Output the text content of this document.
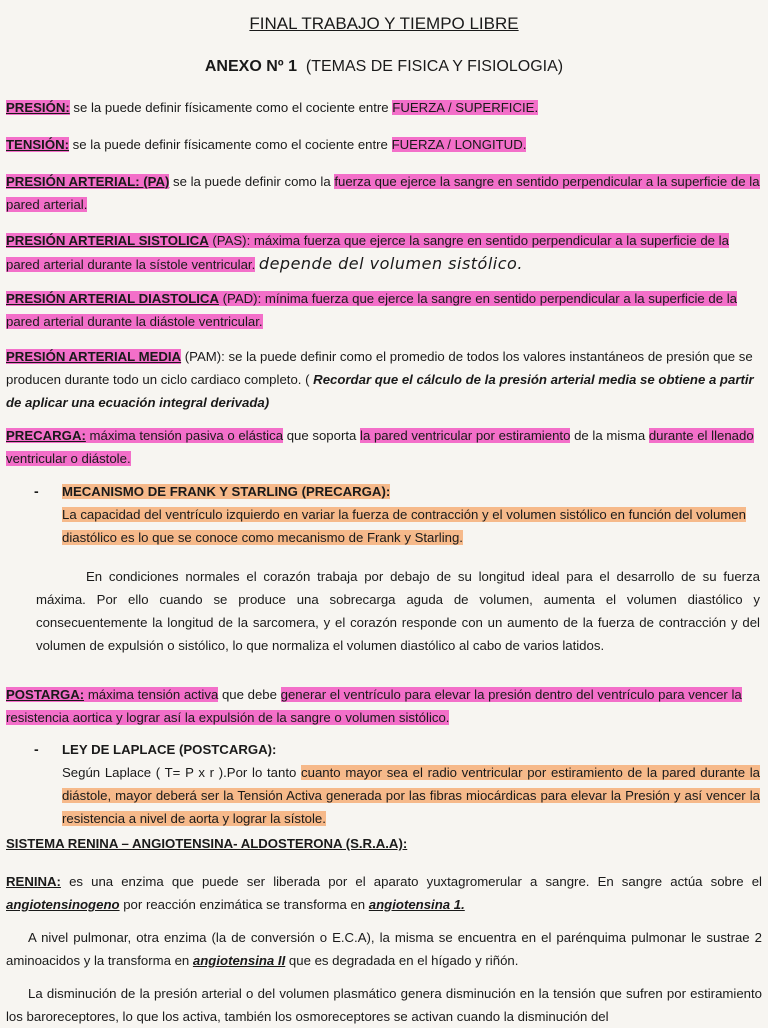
FINAL TRABAJO Y TIEMPO LIBRE
ANEXO Nº 1 (TEMAS DE FISICA Y FISIOLOGIA)
PRESIÓN: se la puede definir físicamente como el cociente entre FUERZA / SUPERFICIE.
TENSIÓN: se la puede definir físicamente como el cociente entre FUERZA / LONGITUD.
PRESIÓN ARTERIAL: (PA) se la puede definir como la fuerza que ejerce la sangre en sentido perpendicular a la superficie de la pared arterial.
PRESIÓN ARTERIAL SISTOLICA (PAS): máxima fuerza que ejerce la sangre en sentido perpendicular a la superficie de la pared arterial durante la sístole ventricular. depende del volumen sistólico.
PRESIÓN ARTERIAL DIASTOLICA (PAD): mínima fuerza que ejerce la sangre en sentido perpendicular a la superficie de la pared arterial durante la diástole ventricular.
PRESIÓN ARTERIAL MEDIA (PAM): se la puede definir como el promedio de todos los valores instantáneos de presión que se producen durante todo un ciclo cardiaco completo. ( Recordar que el cálculo de la presión arterial media se obtiene a partir de aplicar una ecuación integral derivada)
PRECARGA: máxima tensión pasiva o elástica que soporta la pared ventricular por estiramiento de la misma durante el llenado ventricular o diástole.
- MECANISMO DE FRANK Y STARLING (PRECARGA):
La capacidad del ventrículo izquierdo en variar la fuerza de contracción y el volumen sistólico en función del volumen diastólico es lo que se conoce como mecanismo de Frank y Starling.
En condiciones normales el corazón trabaja por debajo de su longitud ideal para el desarrollo de su fuerza máxima. Por ello cuando se produce una sobrecarga aguda de volumen, aumenta el volumen diastólico y consecuentemente la longitud de la sarcomera, y el corazón responde con un aumento de la fuerza de contracción y del volumen de expulsión o sistólico, lo que normaliza el volumen diastólico al cabo de varios latidos.
POSTARGA: máxima tensión activa que debe generar el ventrículo para elevar la presión dentro del ventrículo para vencer la resistencia aortica y lograr así la expulsión de la sangre o volumen sistólico.
- LEY DE LAPLACE (POSTCARGA):
Según Laplace ( T= P x r ).Por lo tanto cuanto mayor sea el radio ventricular por estiramiento de la pared durante la diástole, mayor deberá ser la Tensión Activa generada por las fibras miocárdicas para elevar la Presión y así vencer la resistencia a nivel de aorta y lograr la sístole.
SISTEMA RENINA – ANGIOTENSINA- ALDOSTERONA (S.R.A.A):
RENINA: es una enzima que puede ser liberada por el aparato yuxtagromerular a sangre. En sangre actúa sobre el angiotensinogeno por reacción enzimática se transforma en angiotensina 1.
A nivel pulmonar, otra enzima (la de conversión o E.C.A), la misma se encuentra en el parénquima pulmonar le sustrae 2 aminoacidos y la transforma en angiotensina II que es degradada en el hígado y riñón.
La disminución de la presión arterial o del volumen plasmático genera disminución en la tensión que sufren por estiramiento los baroreceptores, lo que los activa, también los osmoreceptores se activan cuando la disminución del
